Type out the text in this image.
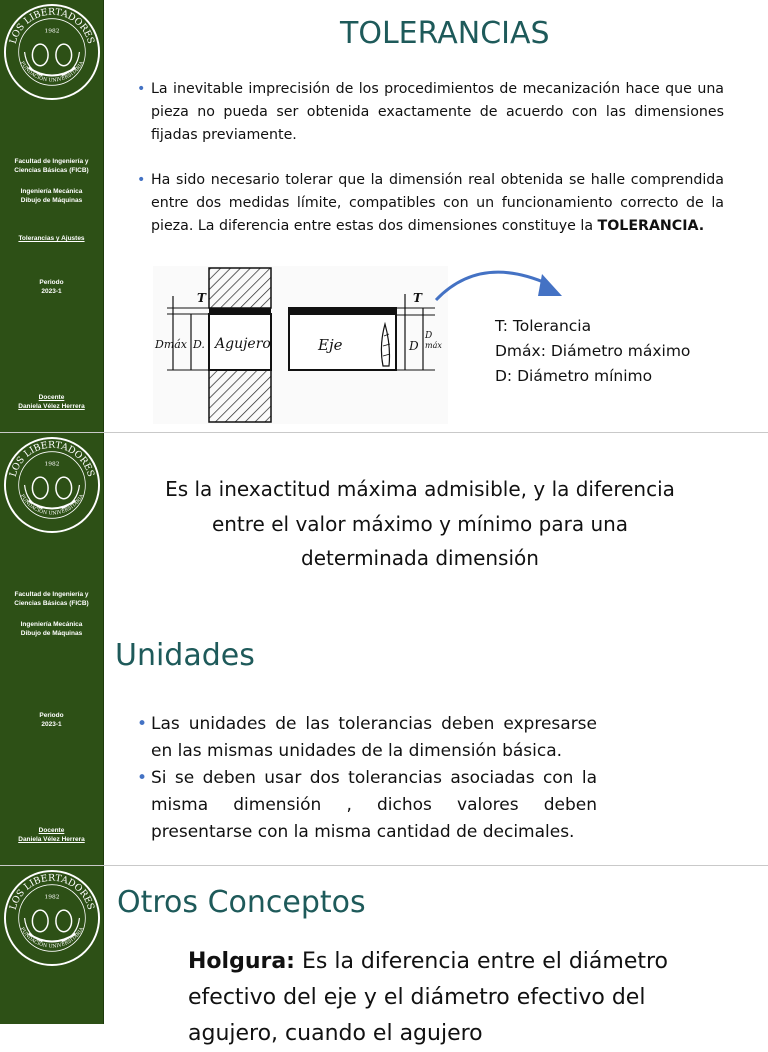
LOS LIBERTADORES
FUNDACIÓN UNIVERSITARIA
1982
Facultad de Ingeniería y
Ciencias Básicas (FICB)
Ingeniería Mecánica
Dibujo de Máquinas
Tolerancias y Ajustes
Periodo
2023-1
Docente
Daniela Vélez Herrera
TOLERANCIAS
• La inevitable imprecisión de los procedimientos de mecanización hace que una pieza no pueda ser obtenida exactamente de acuerdo con las dimensiones fijadas previamente.
• Ha sido necesario tolerar que la dimensión real obtenida se halle comprendida entre dos medidas límite, compatibles con un funcionamiento correcto de la pieza. La diferencia entre estas dos dimensiones constituye la TOLERANCIA.
Agujero
T
Dmáx D.	Eje
T
D
D
máx
T: Tolerancia
Dmáx: Diámetro máximo
D: Diámetro mínimo
LOS LIBERTADORES
FUNDACIÓN UNIVERSITARIA
1982
Facultad de Ingeniería y
Ciencias Básicas (FICB)
Ingeniería Mecánica
Dibujo de Máquinas
Periodo
2023-1
Docente
Daniela Vélez Herrera
Es la inexactitud máxima admisible, y la diferencia entre el valor máximo y mínimo para una determinada dimensión
Unidades
• Las unidades de las tolerancias deben expresarse en las mismas unidades de la dimensión básica.
• Si se deben usar dos tolerancias asociadas con la misma dimensión , dichos valores deben presentarse con la misma cantidad de decimales.
LOS LIBERTADORES
FUNDACIÓN UNIVERSITARIA
1982 Otros Conceptos
Holgura: Es la diferencia entre el diámetro efectivo del eje y el diámetro efectivo del agujero, cuando el agujero
